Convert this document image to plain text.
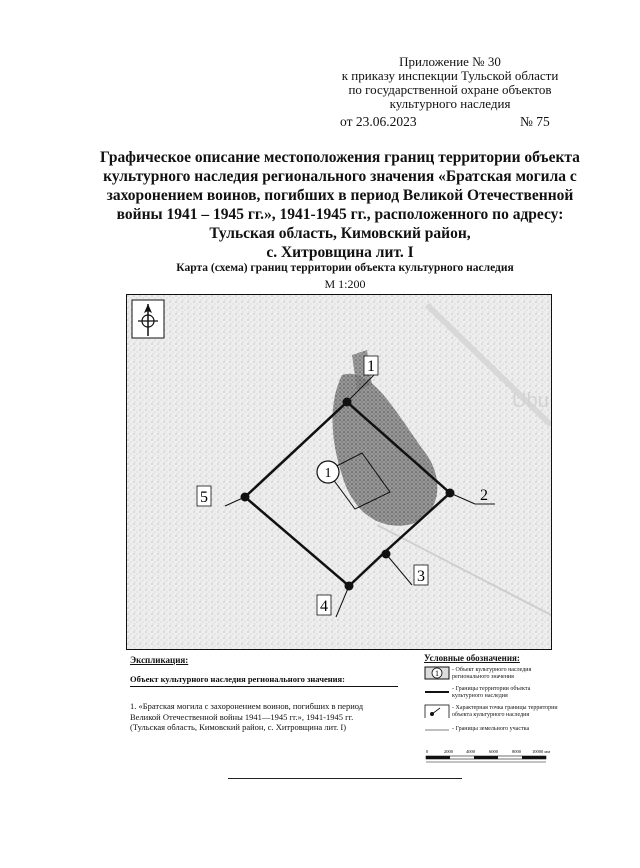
Приложение № 30
к приказу инспекции Тульской области
по государственной охране объектов
культурного наследия
от 23.06.2023	№ 75
Графическое описание местоположения границ территории объекта
культурного наследия регионального значения «Братская могила с
захоронением воинов, погибших в период Великой Отечественной
войны 1941 – 1945 гг.», 1941-1945 гг., расположенного по адресу:
Тульская область, Кимовский район,
с. Хитровщина лит. I
Карта (схема) границ территории объекта культурного наследия
М 1:200
Ubu
1
1
2
3
4
5
Экспликация:
Объект культурного наследия регионального значения:
1. «Братская могила с захоронением воинов, погибших в период
Великой Отечественной войны 1941—1945 гг.», 1941-1945 гг.
(Тульская область, Кимовский район, с. Хитровщина лит. I)
Условные обозначения:
1 - Объект культурного наследия регионального значения
- Границы территории объекта культурного наследия
- Характерная точка границы территории объекта культурного наследия
- Границы земельного участка
0	2000	4000	6000	8000 10000 мм
